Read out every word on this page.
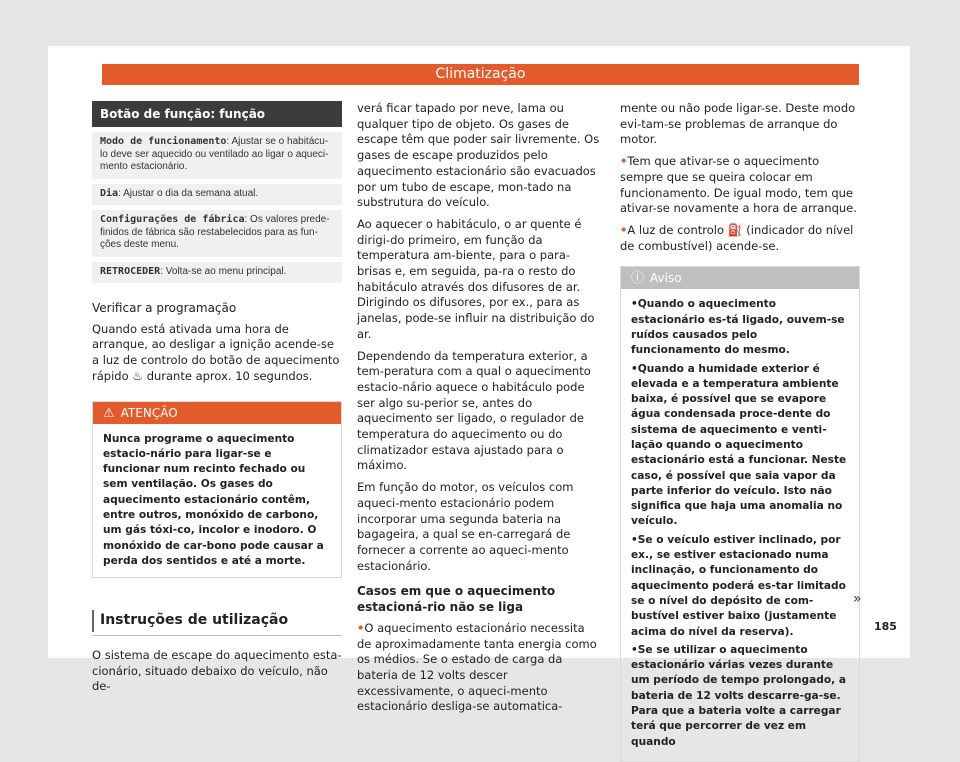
Climatização
Botão de função: função
Modo de funcionamento: Ajustar se o habitácu-lo deve ser aquecido ou ventilado ao ligar o aqueci-mento estacionário.
Dia: Ajustar o dia da semana atual.
Configurações de fábrica: Os valores prede-finidos de fábrica são restabelecidos para as fun-ções deste menu.
RETROCEDER: Volta-se ao menu principal.
Verificar a programação

Quando está ativada uma hora de arranque, ao desligar a ignição acende-se a luz de controlo do botão de aquecimento rápido ♨ durante aprox. 10 segundos.

⚠ ATENÇÃO
Nunca programe o aquecimento estacio-nário para ligar-se e funcionar num recinto fechado ou sem ventilação. Os gases do aquecimento estacionário contêm, entre outros, monóxido de carbono, um gás tóxi-co, incolor e inodoro. O monóxido de car-bono pode causar a perda dos sentidos e até a morte.
Instruções de utilização

O sistema de escape do aquecimento esta-cionário, situado debaixo do veículo, não de-

verá ficar tapado por neve, lama ou qualquer tipo de objeto. Os gases de escape têm que poder sair livremente. Os gases de escape produzidos pelo aquecimento estacionário são evacuados por um tubo de escape, mon-tado na substrutura do veículo.

Ao aquecer o habitáculo, o ar quente é dirigi-do primeiro, em função da temperatura am-biente, para o para-brisas e, em seguida, pa-ra o resto do habitáculo através dos difusores de ar. Dirigindo os difusores, por ex., para as janelas, pode-se influir na distribuição do ar.

Dependendo da temperatura exterior, a tem-peratura com a qual o aquecimento estacio-nário aquece o habitáculo pode ser algo su-perior se, antes do aquecimento ser ligado, o regulador de temperatura do aquecimento ou do climatizador estava ajustado para o máximo.

Em função do motor, os veículos com aqueci-mento estacionário podem incorporar uma segunda bateria na bagageira, a qual se en-carregará de fornecer a corrente ao aqueci-mento estacionário.

Casos em que o aquecimento estacioná-rio não se liga

• O aquecimento estacionário necessita de aproximadamente tanta energia como os médios. Se o estado de carga da bateria de 12 volts descer excessivamente, o aqueci-mento estacionário desliga-se automatica-

mente ou não pode ligar-se. Deste modo evi-tam-se problemas de arranque do motor.

• Tem que ativar-se o aquecimento sempre que se queira colocar em funcionamento. De igual modo, tem que ativar-se novamente a hora de arranque.

• A luz de controlo ⛽ (indicador do nível de combustível) acende-se.

ⓘ Aviso

• Quando o aquecimento estacionário es-tá ligado, ouvem-se ruídos causados pelo funcionamento do mesmo.

• Quando a humidade exterior é elevada e a temperatura ambiente baixa, é possível que se evapore água condensada proce-dente do sistema de aquecimento e venti-lação quando o aquecimento estacionário está a funcionar. Neste caso, é possível que saia vapor da parte inferior do veículo. Isto não significa que haja uma anomalia no veículo.

• Se o veículo estiver inclinado, por ex., se estiver estacionado numa inclinação, o funcionamento do aquecimento poderá es-tar limitado se o nível do depósito de com-bustível estiver baixo (justamente acima do nível da reserva).

• Se se utilizar o aquecimento estacionário várias vezes durante um período de tempo prolongado, a bateria de 12 volts descarre-ga-se. Para que a bateria volte a carregar terá que percorrer de vez em quando

»
185
